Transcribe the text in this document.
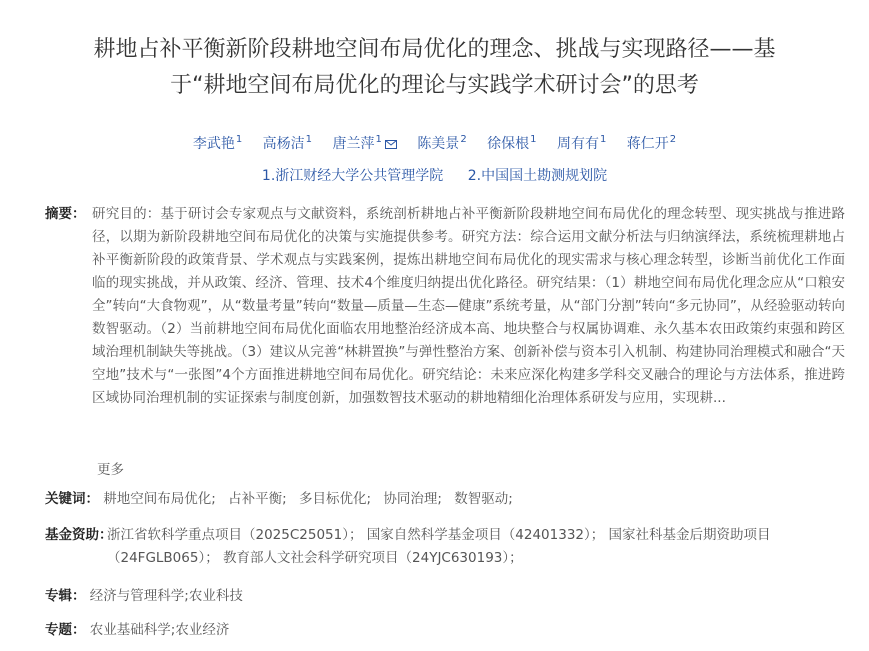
耕地占补平衡新阶段耕地空间布局优化的理念、挑战与实现路径——基
于“耕地空间布局优化的理论与实践学术研讨会”的思考
李武艳$^1$ 高杨洁$^1$ 唐兰萍$^1$	陈美景$^2$ 徐保根$^1$ 周有有$^1$ 蒋仁开$^2$
1.浙江财经大学公共管理学院 2.中国国土勘测规划院
摘要： 研究目的：基于研讨会专家观点与文献资料，系统剖析耕地占补平衡新阶段耕地空间布局优化的理念转型、现实挑战与推进路径，以期为新阶段耕地空间布局优化的决策与实施提供参考。研究方法：综合运用文献分析法与归纳演绎法，系统梳理耕地占补平衡新阶段的政策背景、学术观点与实践案例，提炼出耕地空间布局优化的现实需求与核心理念转型，诊断当前优化工作面临的现实挑战，并从政策、经济、管理、技术4个维度归纳提出优化路径。研究结果：（1）耕地空间布局优化理念应从“口粮安全”转向“大食物观”，从“数量考量”转向“数量—质量—生态—健康”系统考量，从“部门分割”转向“多元协同”，从经验驱动转向数智驱动。（2）当前耕地空间布局优化面临农用地整治经济成本高、地块整合与权属协调难、永久基本农田政策约束强和跨区域治理机制缺失等挑战。（3）建议从完善“林耕置换”与弹性整治方案、创新补偿与资本引入机制、构建协同治理模式和融合“天空地”技术与“一张图”4个方面推进耕地空间布局优化。研究结论：未来应深化构建多学科交叉融合的理论与方法体系，推进跨区域协同治理机制的实证探索与制度创新，加强数智技术驱动的耕地精细化治理体系研发与应用，实现耕...
更多
关键词： 耕地空间布局优化; 占补平衡; 多目标优化; 协同治理; 数智驱动;
基金资助：
浙江省软科学重点项目（2025C25051）； 国家自然科学基金项目（42401332）； 国家社科基金后期资助项目（24FGLB065）； 教育部人文社会科学研究项目（24YJC630193）；
专辑： 经济与管理科学;农业科技
专题： 农业基础科学;农业经济
